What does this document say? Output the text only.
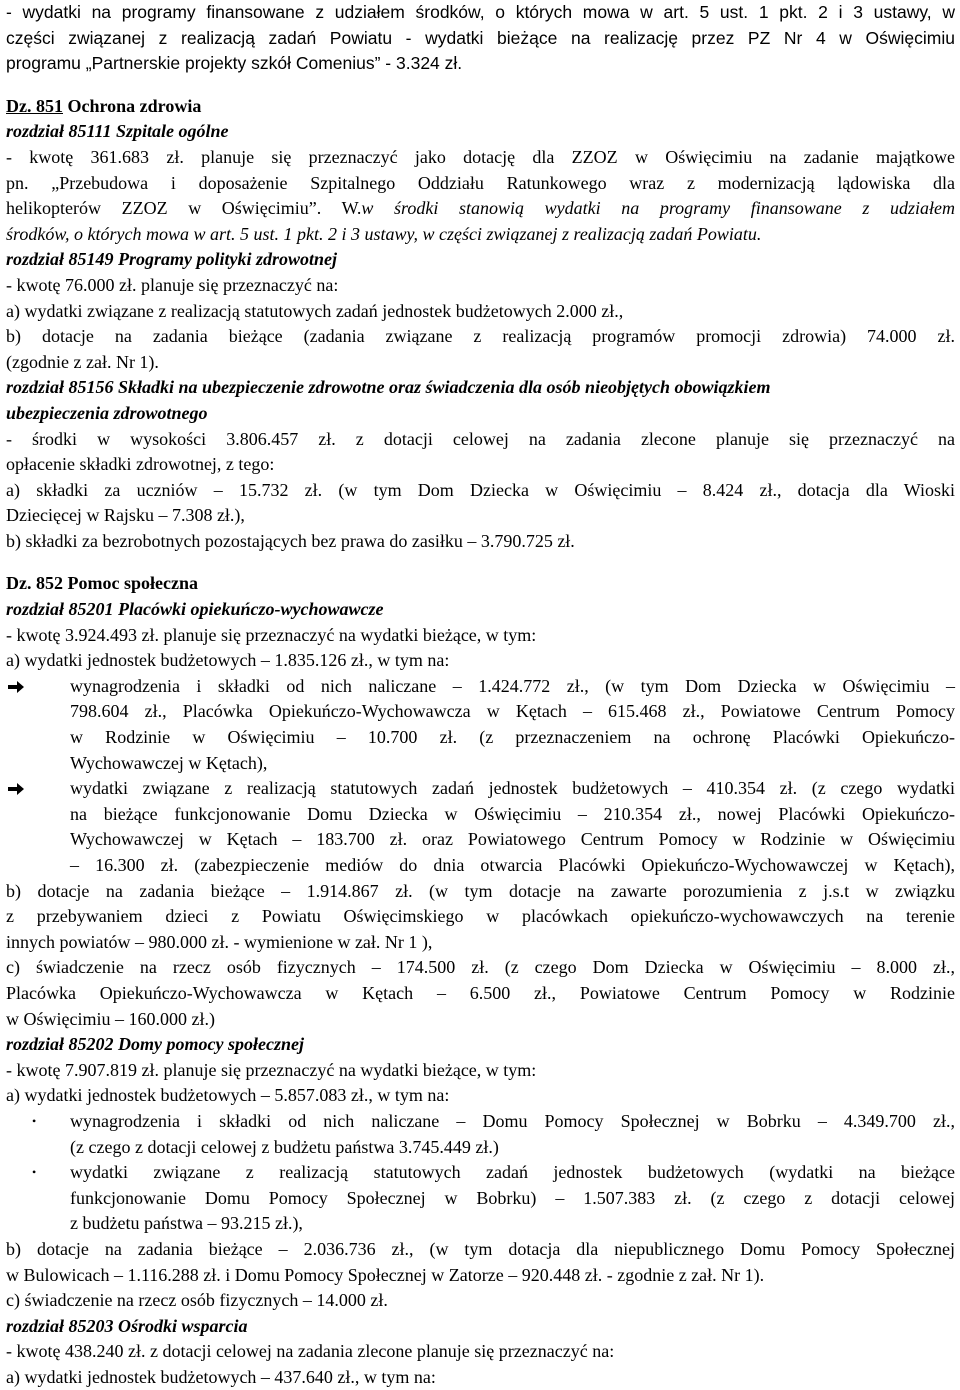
- wydatki na programy finansowane z udziałem środków, o których mowa w art. 5 ust. 1 pkt. 2 i 3 ustawy, w
części związanej z realizacją zadań Powiatu - wydatki bieżące na realizację przez PZ Nr 4 w Oświęcimiu
programu „Partnerskie projekty szkół Comenius” - 3.324 zł.
Dz. 851 Ochrona zdrowia
rozdział 85111 Szpitale ogólne
- kwotę 361.683 zł. planuje się przeznaczyć jako dotację dla ZZOZ w Oświęcimiu na zadanie majątkowe
pn. „Przebudowa i doposażenie Szpitalnego Oddziału Ratunkowego wraz z modernizacją lądowiska dla
helikopterów ZZOZ w Oświęcimiu”. W.w środki stanowią wydatki na programy finansowane z udziałem
środków, o których mowa w art. 5 ust. 1 pkt. 2 i 3 ustawy, w części związanej z realizacją zadań Powiatu.
rozdział 85149 Programy polityki zdrowotnej
- kwotę 76.000 zł. planuje się przeznaczyć na:
a) wydatki związane z realizacją statutowych zadań jednostek budżetowych 2.000 zł.,
b) dotacje na zadania bieżące (zadania związane z realizacją programów promocji zdrowia) 74.000 zł.
(zgodnie z zał. Nr 1).
rozdział 85156 Składki na ubezpieczenie zdrowotne oraz świadczenia dla osób nieobjętych obowiązkiem
ubezpieczenia zdrowotnego
- środki w wysokości 3.806.457 zł. z dotacji celowej na zadania zlecone planuje się przeznaczyć na
opłacenie składki zdrowotnej, z tego:
a) składki za uczniów – 15.732 zł. (w tym Dom Dziecka w Oświęcimiu – 8.424 zł., dotacja dla Wioski
Dziecięcej w Rajsku – 7.308 zł.),
b) składki za bezrobotnych pozostających bez prawa do zasiłku – 3.790.725 zł.
Dz. 852 Pomoc społeczna
rozdział 85201 Placówki opiekuńczo-wychowawcze
- kwotę 3.924.493 zł. planuje się przeznaczyć na wydatki bieżące, w tym:
a) wydatki jednostek budżetowych – 1.835.126 zł., w tym na:
wynagrodzenia i składki od nich naliczane – 1.424.772 zł., (w tym Dom Dziecka w Oświęcimiu –
798.604 zł., Placówka Opiekuńczo-Wychowawcza w Kętach – 615.468 zł., Powiatowe Centrum Pomocy
w Rodzinie w Oświęcimiu – 10.700 zł. (z przeznaczeniem na ochronę Placówki Opiekuńczo-
Wychowawczej w Kętach),
wydatki związane z realizacją statutowych zadań jednostek budżetowych – 410.354 zł. (z czego wydatki
na bieżące funkcjonowanie Domu Dziecka w Oświęcimiu – 210.354 zł., nowej Placówki Opiekuńczo-
Wychowawczej w Kętach – 183.700 zł. oraz Powiatowego Centrum Pomocy w Rodzinie w Oświęcimiu
– 16.300 zł. (zabezpieczenie mediów do dnia otwarcia Placówki Opiekuńczo-Wychowawczej w Kętach),
b) dotacje na zadania bieżące – 1.914.867 zł. (w tym dotacje na zawarte porozumienia z j.s.t w związku
z przebywaniem dzieci z Powiatu Oświęcimskiego w placówkach opiekuńczo-wychowawczych na terenie
innych powiatów – 980.000 zł. - wymienione w zał. Nr 1 ),
c) świadczenie na rzecz osób fizycznych – 174.500 zł. (z czego Dom Dziecka w Oświęcimiu – 8.000 zł.,
Placówka Opiekuńczo-Wychowawcza w Kętach – 6.500 zł., Powiatowe Centrum Pomocy w Rodzinie
w Oświęcimiu – 160.000 zł.)
rozdział 85202 Domy pomocy społecznej
- kwotę 7.907.819 zł. planuje się przeznaczyć na wydatki bieżące, w tym:
a) wydatki jednostek budżetowych – 5.857.083 zł., w tym na:
•	wynagrodzenia i składki od nich naliczane – Domu Pomocy Społecznej w Bobrku – 4.349.700 zł.,
(z czego z dotacji celowej z budżetu państwa 3.745.449 zł.)
•	wydatki związane z realizacją statutowych zadań jednostek budżetowych (wydatki na bieżące
funkcjonowanie Domu Pomocy Społecznej w Bobrku) – 1.507.383 zł. (z czego z dotacji celowej
z budżetu państwa – 93.215 zł.),
b) dotacje na zadania bieżące – 2.036.736 zł., (w tym dotacja dla niepublicznego Domu Pomocy Społecznej
w Bulowicach – 1.116.288 zł. i Domu Pomocy Społecznej w Zatorze – 920.448 zł. - zgodnie z zał. Nr 1).
c) świadczenie na rzecz osób fizycznych – 14.000 zł.
rozdział 85203 Ośrodki wsparcia
- kwotę 438.240 zł. z dotacji celowej na zadania zlecone planuje się przeznaczyć na:
a) wydatki jednostek budżetowych – 437.640 zł., w tym na:
